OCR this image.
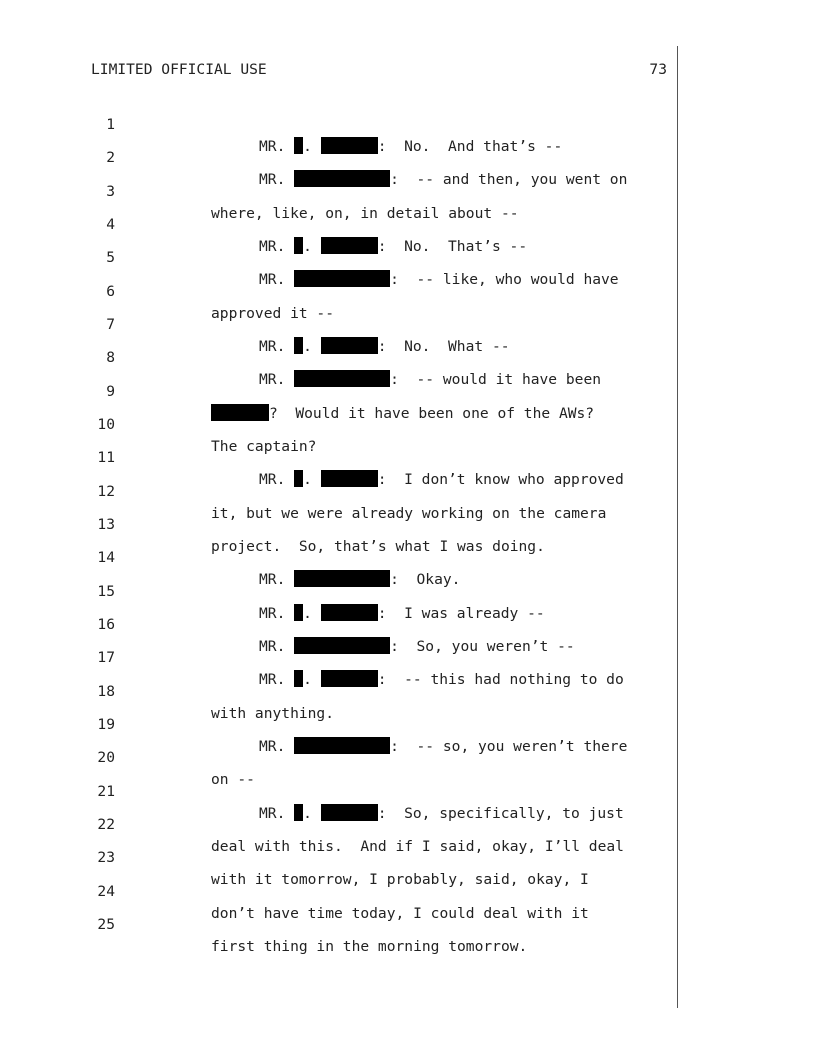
LIMITED OFFICIAL USE	73

1

MR. .	:  No.  And that’s --

2

MR.	:  -- and then, you went on

3

where, like, on, in detail about --

4

MR. .	:  No.  That’s --

5

MR.	:  -- like, who would have

6

approved it --

7

MR. .	:  No.  What --

8

MR.	:  -- would it have been

9

?  Would it have been one of the AWs?

10

The captain?

11

MR. .	:  I don’t know who approved

12

it, but we were already working on the camera

13

project.  So, that’s what I was doing.

14

MR.	:  Okay.

15

MR. .	:  I was already --

16

MR.	:  So, you weren’t --

17

MR. .	:  -- this had nothing to do

18

with anything.

19

MR.	:  -- so, you weren’t there

20

on --

21

MR. .	:  So, specifically, to just

22

deal with this.  And if I said, okay, I’ll deal

23

with it tomorrow, I probably, said, okay, I

24

don’t have time today, I could deal with it

25

first thing in the morning tomorrow.
